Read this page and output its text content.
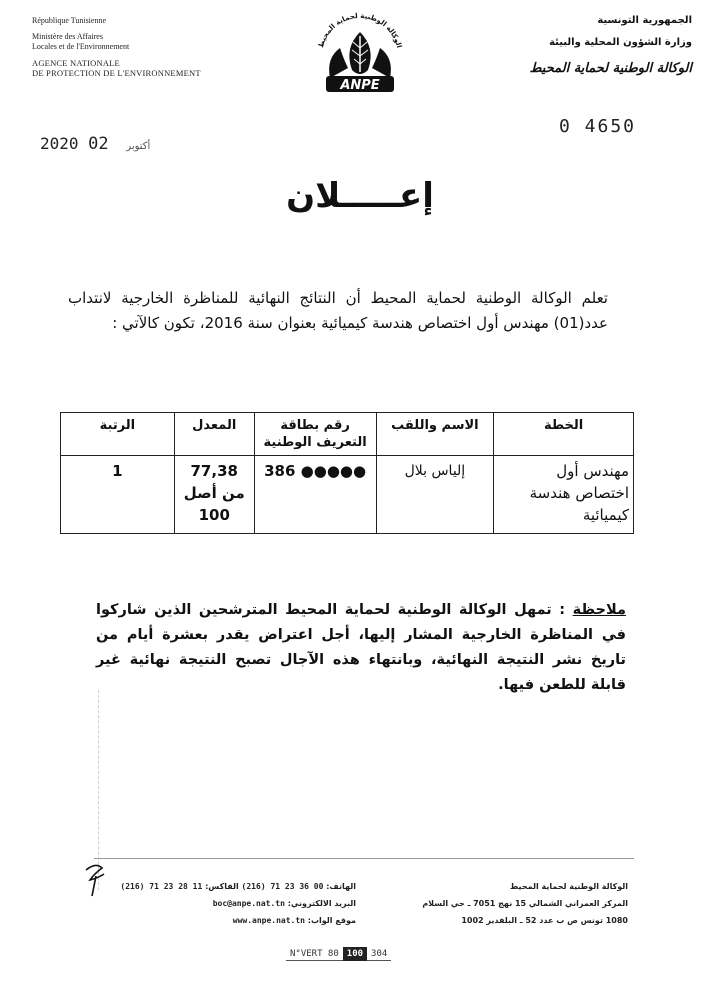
République Tunisienne
Ministère des Affaires
Locales et de l'Environnement
AGENCE NATIONALE
DE PROTECTION DE L'ENVIRONNEMENT
الوكالة الوطنية لحماية المحيط
ANPE
الجمهورية التونسية
وزارة الشؤون المحلية والبيئة
الوكالة الوطنية لحماية المحيط
2020	أكتوبر 02
0 4650
إعـــــلان
تعلم الوكالة الوطنية لحماية المحيط أن النتائج النهائية للمناظرة الخارجية لانتداب عدد(01) مهندس أول اختصاص هندسة كيميائية بعنوان سنة 2016، تكون كالآتي :
الخطة	الاسم واللقب	رقم بطاقة التعريف الوطنية	المعدل	الرتبة
مهندس أول اختصاص هندسة كيميائية	إلياس بلال	386 ●●●●●	77,38 من أصل 100	1
ملاحظة : تمهل الوكالة الوطنية لحماية المحيط المترشحين الذين شاركوا في المناظرة الخارجية المشار إليها، أجل اعتراض يقدر بعشرة أيام من تاريخ نشر النتيجة النهائية، وبانتهاء هذه الآجال تصبح النتيجة نهائية غير قابلة للطعن فيها.
الوكالة الوطنية لحماية المحيط
المركز العمراني الشمالي 15 نهج 7051 ـ حي السلام
1080 تونس ص ب عدد 52 ـ البلفدير 1002
الهاتف: (216) 71 23 36 00 الفاكس: (216) 71 23 28 11
البريد الالكتروني: boc@anpe.nat.tn
موقع الواب: www.anpe.nat.tn
N°VERT 80 100 304
